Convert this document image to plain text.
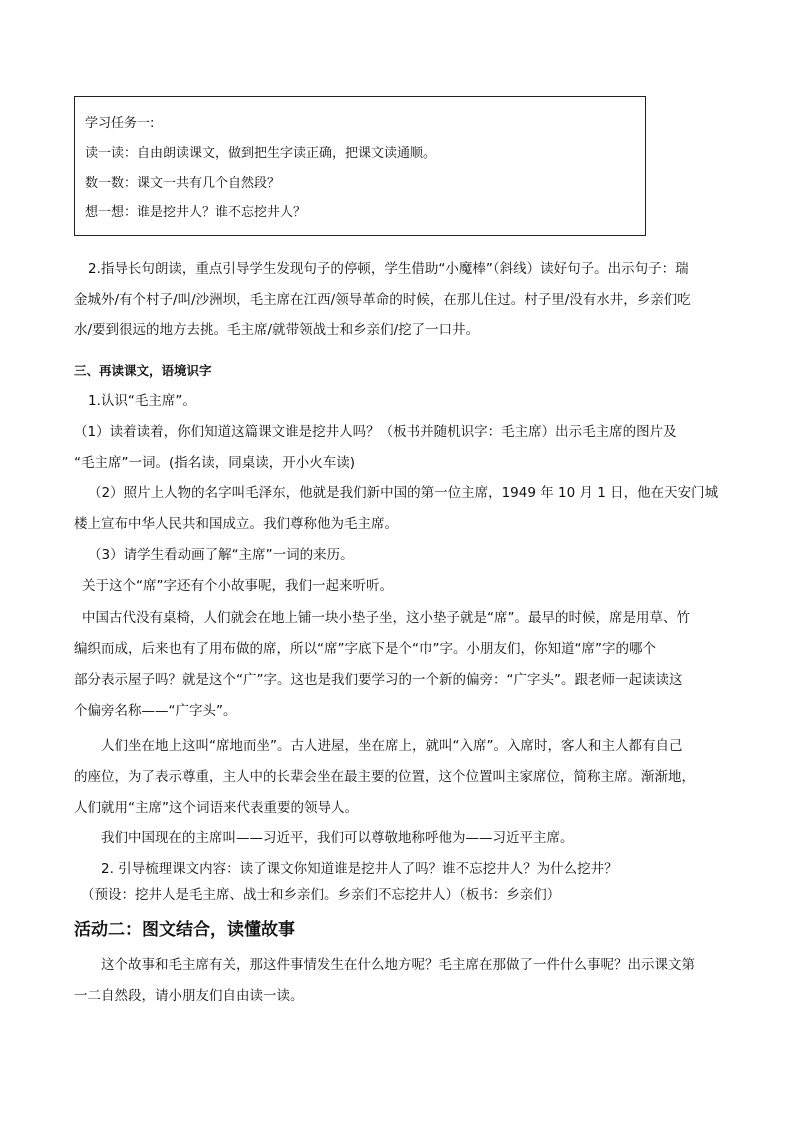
学习任务一:
读一读：自由朗读课文，做到把生字读正确，把课文读通顺。
数一数：课文一共有几个自然段？
想一想：谁是挖井人？谁不忘挖井人？
2.指导长句朗读，重点引导学生发现句子的停顿，学生借助“小魔棒”（斜线）读好句子。出示句子：瑞
金城外/有个村子/叫/沙洲坝，毛主席在江西/领导革命的时候，在那儿住过。村子里/没有水井，乡亲们吃
水/要到很远的地方去挑。毛主席/就带领战士和乡亲们/挖了一口井。
三、再读课文，语境识字
1.认识“毛主席”。
（1）读着读着，你们知道这篇课文谁是挖井人吗？（板书并随机识字：毛主席）出示毛主席的图片及
“毛主席”一词。(指名读，同桌读，开小火车读)
（2）照片上人物的名字叫毛泽东，他就是我们新中国的第一位主席，1949 年 10 月 1 日，他在天安门城
楼上宣布中华人民共和国成立。我们尊称他为毛主席。
（3）请学生看动画了解“主席”一词的来历。
关于这个“席”字还有个小故事呢，我们一起来听听。
中国古代没有桌椅，人们就会在地上铺一块小垫子坐，这小垫子就是“席”。最早的时候，席是用草、竹
编织而成，后来也有了用布做的席，所以“席”字底下是个“巾”字。小朋友们，你知道“席”字的哪个
部分表示屋子吗？就是这个“广”字。这也是我们要学习的一个新的偏旁：“广字头”。跟老师一起读读这
个偏旁名称——“广字头”。
人们坐在地上这叫“席地而坐”。古人进屋，坐在席上，就叫“入席”。入席时，客人和主人都有自己
的座位，为了表示尊重，主人中的长辈会坐在最主要的位置，这个位置叫主家席位，简称主席。渐渐地，
人们就用“主席”这个词语来代表重要的领导人。
我们中国现在的主席叫——习近平，我们可以尊敬地称呼他为——习近平主席。
2. 引导梳理课文内容：读了课文你知道谁是挖井人了吗？谁不忘挖井人？为什么挖井？
（预设：挖井人是毛主席、战士和乡亲们。乡亲们不忘挖井人）（板书：乡亲们）
活动二：图文结合，读懂故事
这个故事和毛主席有关，那这件事情发生在什么地方呢？毛主席在那做了一件什么事呢？出示课文第
一二自然段，请小朋友们自由读一读。
